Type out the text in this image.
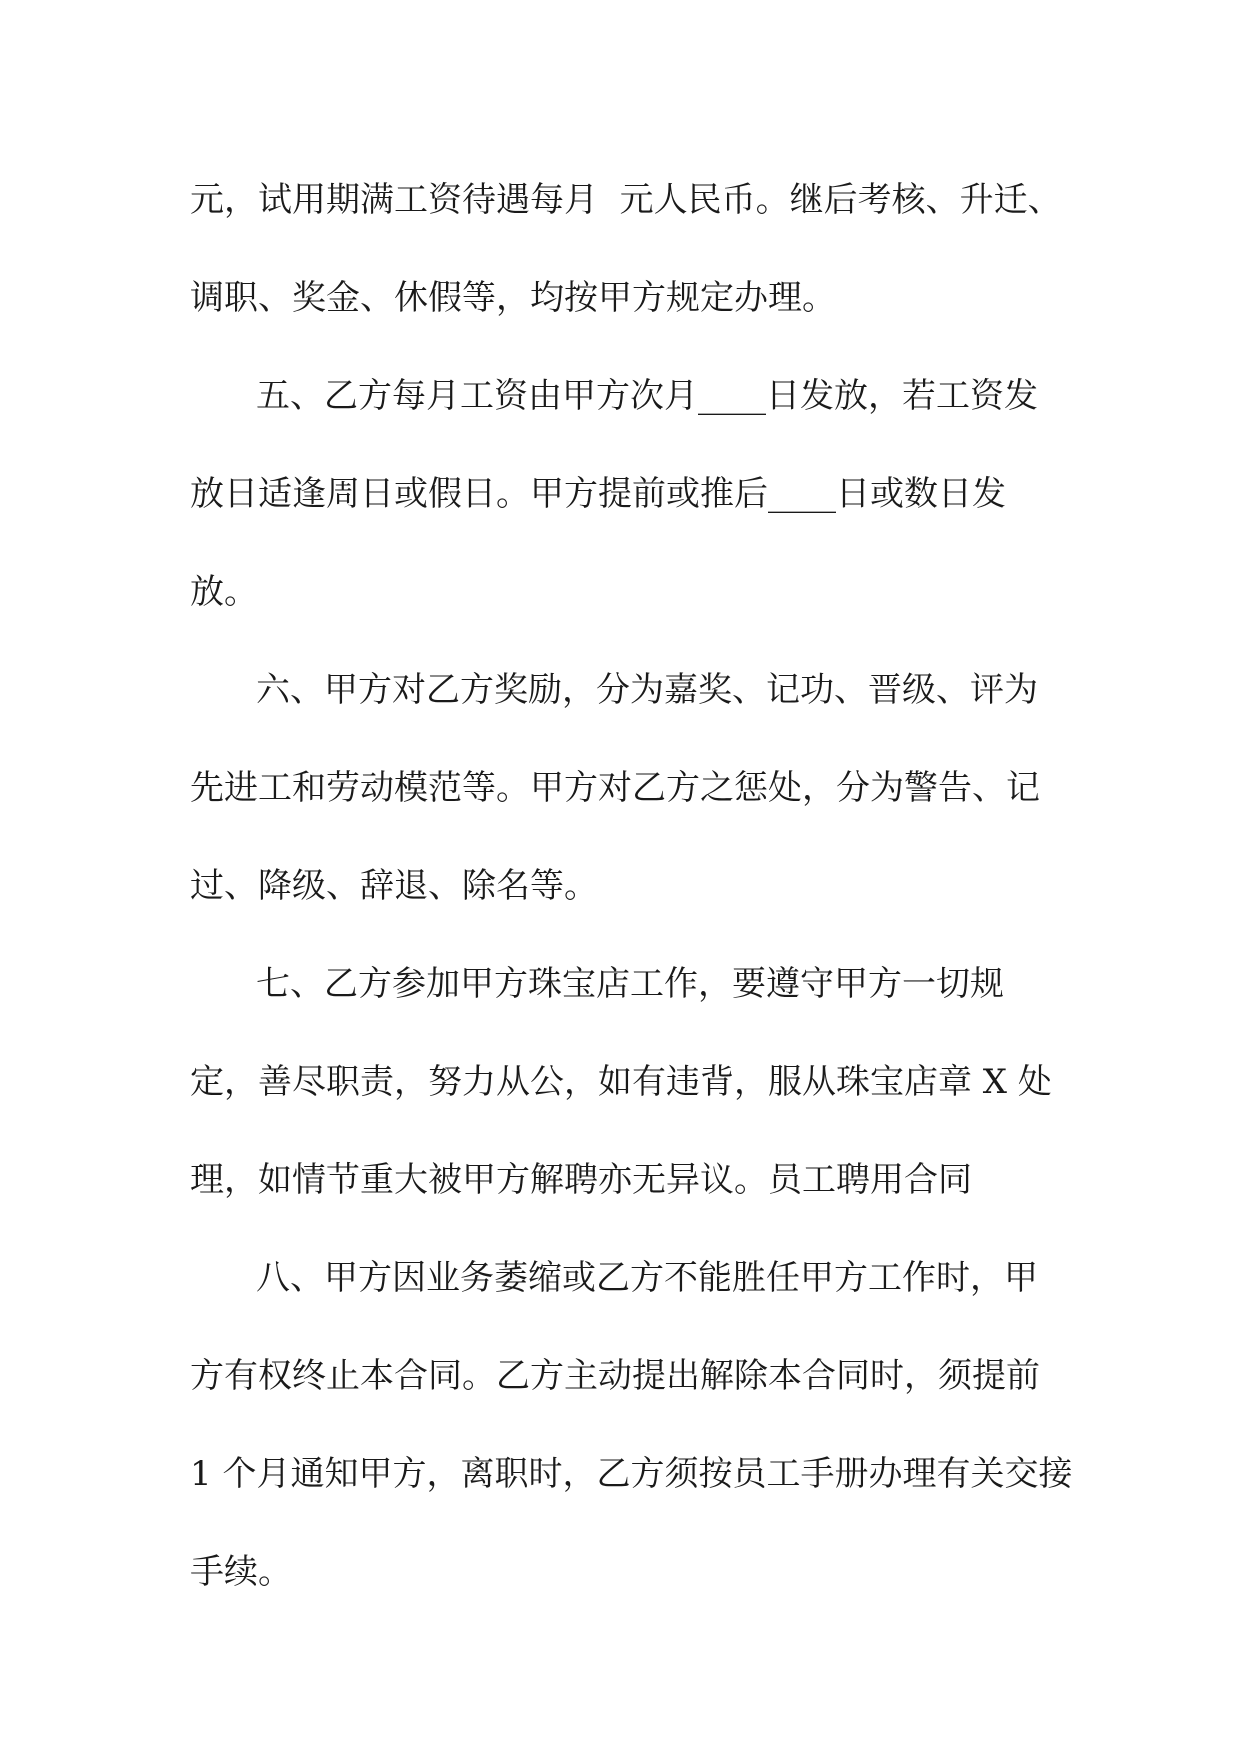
元，试用期满工资待遇每月  元人民币。继后考核、升迁、
调职、奖金、休假等，均按甲方规定办理。
五、乙方每月工资由甲方次月____日发放，若工资发
放日适逢周日或假日。甲方提前或推后____日或数日发
放。
六、甲方对乙方奖励，分为嘉奖、记功、晋级、评为
先进工和劳动模范等。甲方对乙方之惩处，分为警告、记
过、降级、辞退、除名等。
七、乙方参加甲方珠宝店工作，要遵守甲方一切规
定，善尽职责，努力从公，如有违背，服从珠宝店章 X 处
理，如情节重大被甲方解聘亦无异议。员工聘用合同
八、甲方因业务萎缩或乙方不能胜任甲方工作时，甲
方有权终止本合同。乙方主动提出解除本合同时，须提前
1 个月通知甲方，离职时，乙方须按员工手册办理有关交接
手续。
